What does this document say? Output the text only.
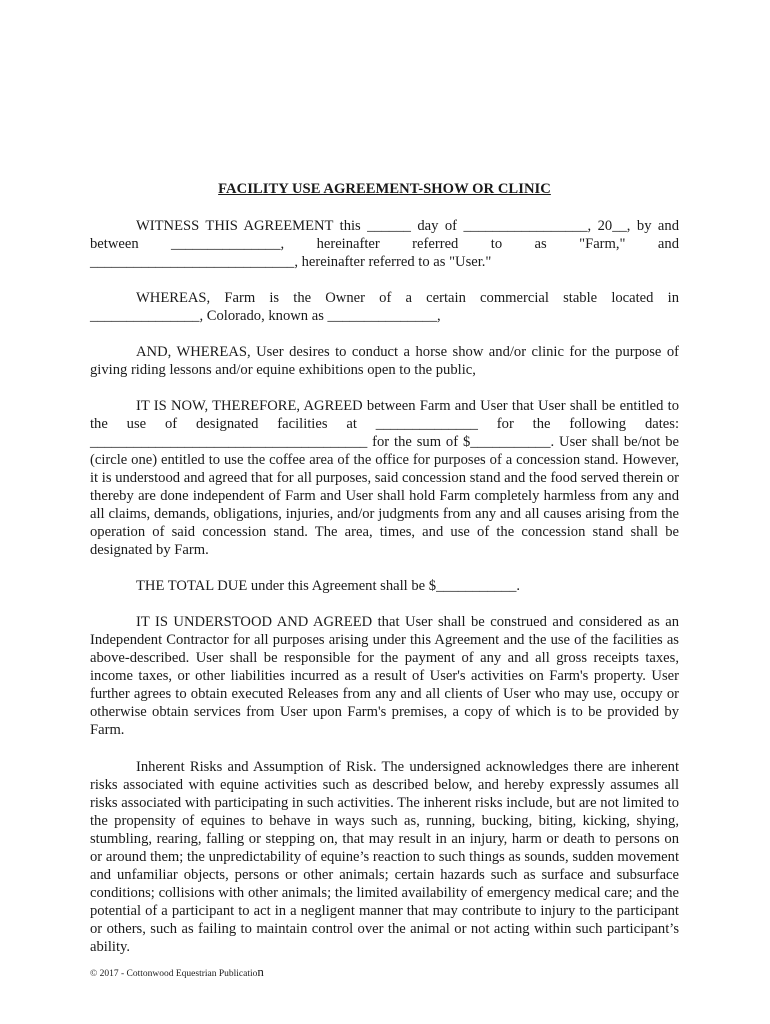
FACILITY USE AGREEMENT-SHOW OR CLINIC

WITNESS THIS AGREEMENT this ______ day of _________________, 20__, by and between _______________, hereinafter referred to as "Farm," and ____________________________, hereinafter referred to as "User."

WHEREAS, Farm is the Owner of a certain commercial stable located in _______________, Colorado, known as _______________,

AND, WHEREAS, User desires to conduct a horse show and/or clinic for the purpose of giving riding lessons and/or equine exhibitions open to the public,

IT IS NOW, THEREFORE, AGREED between Farm and User that User shall be entitled to the use of designated facilities at ______________ for the following dates: ______________________________________ for the sum of $___________. User shall be/not be (circle one) entitled to use the coffee area of the office for purposes of a concession stand. However, it is understood and agreed that for all purposes, said concession stand and the food served therein or thereby are done independent of Farm and User shall hold Farm completely harmless from any and all claims, demands, obligations, injuries, and/or judgments from any and all causes arising from the operation of said concession stand. The area, times, and use of the concession stand shall be designated by Farm.

THE TOTAL DUE under this Agreement shall be $___________.

IT IS UNDERSTOOD AND AGREED that User shall be construed and considered as an Independent Contractor for all purposes arising under this Agreement and the use of the facilities as above-described. User shall be responsible for the payment of any and all gross receipts taxes, income taxes, or other liabilities incurred as a result of User's activities on Farm's property. User further agrees to obtain executed Releases from any and all clients of User who may use, occupy or otherwise obtain services from User upon Farm's premises, a copy of which is to be provided by Farm.

Inherent Risks and Assumption of Risk. The undersigned acknowledges there are inherent risks associated with equine activities such as described below, and hereby expressly assumes all risks associated with participating in such activities. The inherent risks include, but are not limited to the propensity of equines to behave in ways such as, running, bucking, biting, kicking, shying, stumbling, rearing, falling or stepping on, that may result in an injury, harm or death to persons on or around them; the unpredictability of equine’s reaction to such things as sounds, sudden movement and unfamiliar objects, persons or other animals; certain hazards such as surface and subsurface conditions; collisions with other animals; the limited availability of emergency medical care; and the potential of a participant to act in a negligent manner that may contribute to injury to the participant or others, such as failing to maintain control over the animal or not acting within such participant’s ability.

© 2017 - Cottonwood Equestrian Publication
